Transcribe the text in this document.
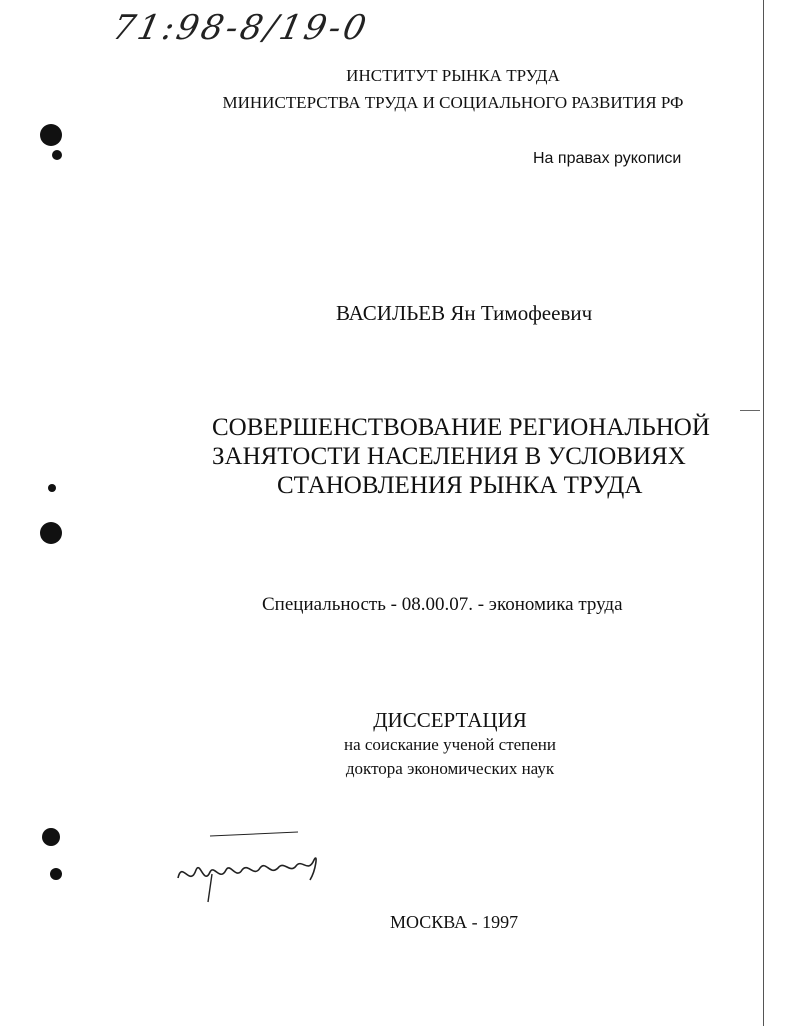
71:98-8/19-0
ИНСТИТУТ РЫНКА ТРУДА
МИНИСТЕРСТВА ТРУДА И СОЦИАЛЬНОГО РАЗВИТИЯ РФ
На правах рукописи
ВАСИЛЬЕВ Ян Тимофеевич
СОВЕРШЕНСТВОВАНИЕ РЕГИОНАЛЬНОЙ
ЗАНЯТОСТИ НАСЕЛЕНИЯ В УСЛОВИЯХ
СТАНОВЛЕНИЯ РЫНКА ТРУДА
Специальность - 08.00.07. - экономика труда
ДИССЕРТАЦИЯ
на соискание ученой степени
доктора экономических наук
МОСКВА - 1997
